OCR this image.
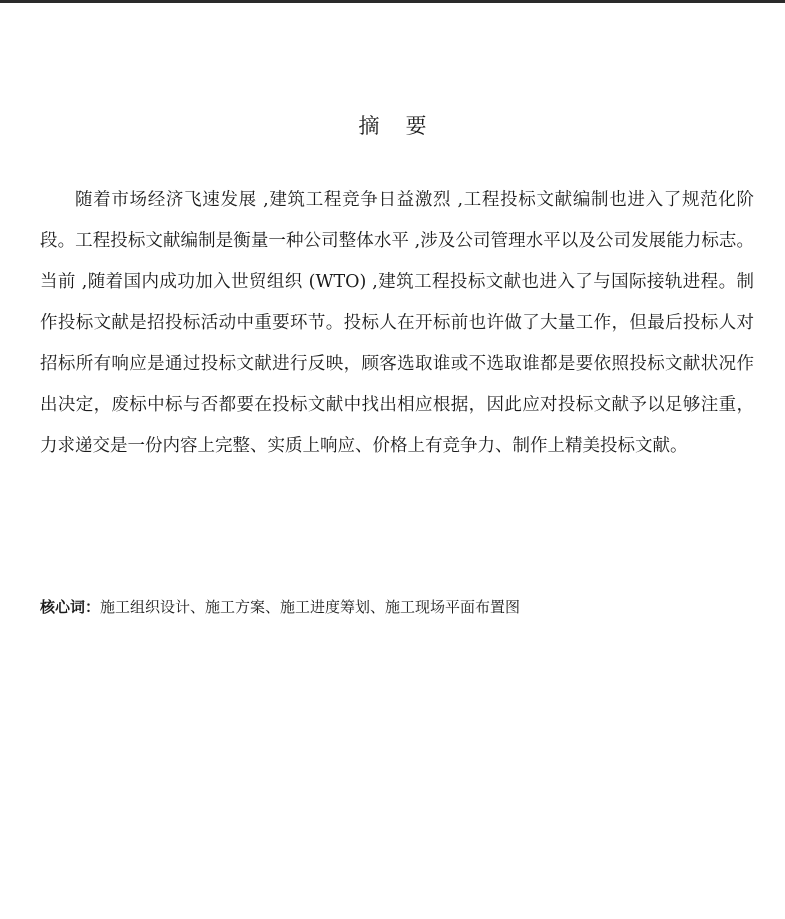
摘 要

随着市场经济飞速发展 ,建筑工程竞争日益激烈 ,工程投标文献编制也进入了规范化阶段。工程投标文献编制是衡量一种公司整体水平 ,涉及公司管理水平以及公司发展能力标志。当前 ,随着国内成功加入世贸组织 (WTO) ,建筑工程投标文献也进入了与国际接轨进程。制作投标文献是招投标活动中重要环节。投标人在开标前也许做了大量工作，但最后投标人对招标所有响应是通过投标文献进行反映，顾客选取谁或不选取谁都是要依照投标文献状况作出决定，废标中标与否都要在投标文献中找出相应根据，因此应对投标文献予以足够注重，力求递交是一份内容上完整、实质上响应、价格上有竞争力、制作上精美投标文献。

核心词：施工组织设计、施工方案、施工进度筹划、施工现场平面布置图
